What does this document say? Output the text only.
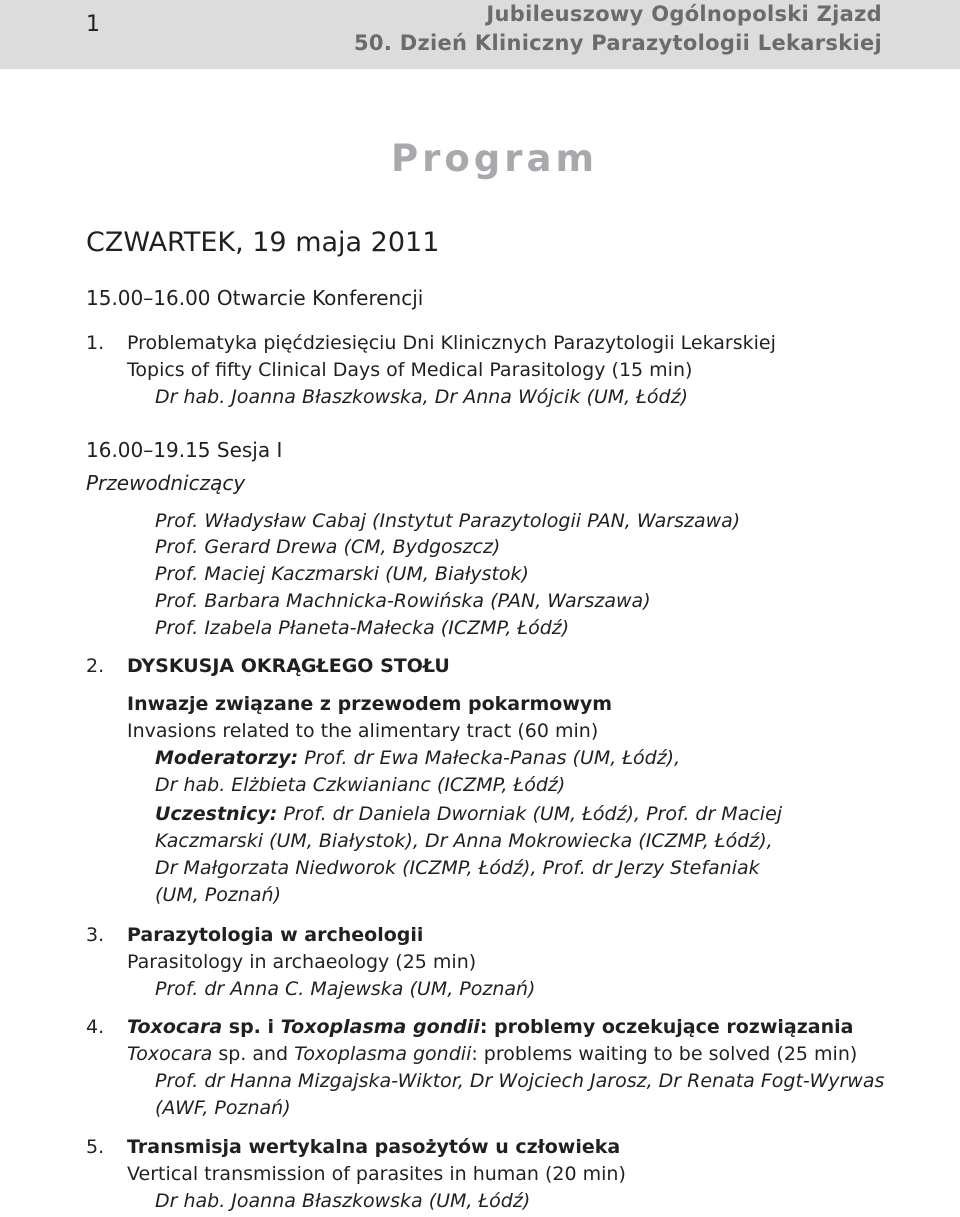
1	Jubileuszowy Ogólnopolski Zjazd
50. Dzień Kliniczny Parazytologii Lekarskiej
Program
CZWARTEK, 19 maja 2011
15.00–16.00 Otwarcie Konferencji
1. Problematyka pięćdziesięciu Dni Klinicznych Parazytologii Lekarskiej
Topics of fifty Clinical Days of Medical Parasitology (15 min)
Dr hab. Joanna Błaszkowska, Dr Anna Wójcik (UM, Łódź)
16.00–19.15 Sesja I
Przewodniczący
Prof. Władysław Cabaj (Instytut Parazytologii PAN, Warszawa)
Prof. Gerard Drewa (CM, Bydgoszcz)
Prof. Maciej Kaczmarski (UM, Białystok)
Prof. Barbara Machnicka-Rowińska (PAN, Warszawa)
Prof. Izabela Płaneta-Małecka (ICZMP, Łódź)
2. DYSKUSJA OKRĄGŁEGO STOŁU
Inwazje związane z przewodem pokarmowym
Invasions related to the alimentary tract (60 min)
Moderatorzy: Prof. dr Ewa Małecka-Panas (UM, Łódź),
Dr hab. Elżbieta Czkwianianc (ICZMP, Łódź)
Uczestnicy: Prof. dr Daniela Dworniak (UM, Łódź), Prof. dr Maciej
Kaczmarski (UM, Białystok), Dr Anna Mokrowiecka (ICZMP, Łódź),
Dr Małgorzata Niedworok (ICZMP, Łódź), Prof. dr Jerzy Stefaniak
(UM, Poznań)
3. Parazytologia w archeologii
Parasitology in archaeology (25 min)
Prof. dr Anna C. Majewska (UM, Poznań)
4. Toxocara sp. i Toxoplasma gondii: problemy oczekujące rozwiązania
Toxocara sp. and Toxoplasma gondii: problems waiting to be solved (25 min)
Prof. dr Hanna Mizgajska-Wiktor, Dr Wojciech Jarosz, Dr Renata Fogt-Wyrwas
(AWF, Poznań)
5. Transmisja wertykalna pasożytów u człowieka
Vertical transmission of parasites in human (20 min)
Dr hab. Joanna Błaszkowska (UM, Łódź)
